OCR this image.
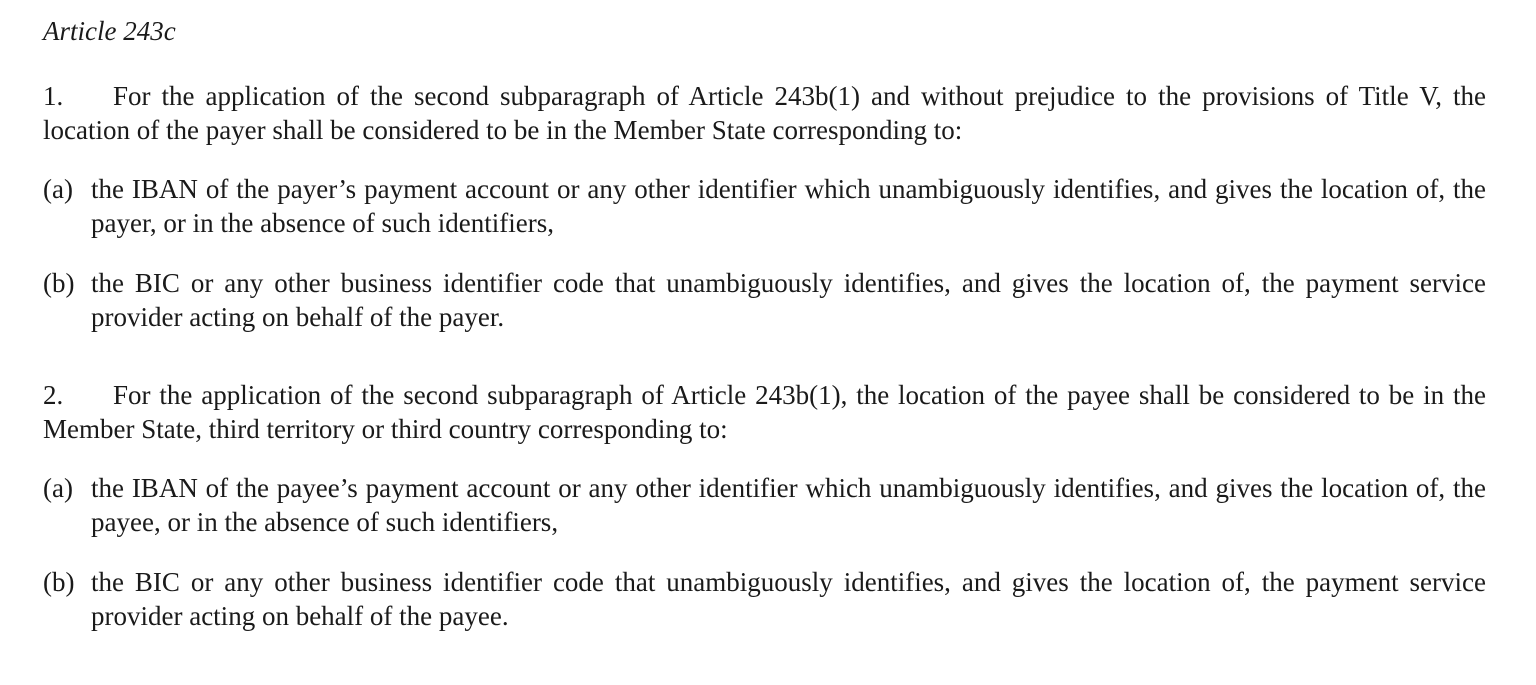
Article 243c

1. For the application of the second subparagraph of Article 243b(1) and without prejudice to the provisions of Title V, the location of the payer shall be considered to be in the Member State corresponding to:

(a) the IBAN of the payer’s payment account or any other identifier which unambiguously identifies, and gives the location of, the payer, or in the absence of such identifiers,
(b) the BIC or any other business identifier code that unambiguously identifies, and gives the location of, the payment service provider acting on behalf of the payer.

2. For the application of the second subparagraph of Article 243b(1), the location of the payee shall be considered to be in the Member State, third territory or third country corresponding to:

(a) the IBAN of the payee’s payment account or any other identifier which unambiguously identifies, and gives the location of, the payee, or in the absence of such identifiers,
(b) the BIC or any other business identifier code that unambiguously identifies, and gives the location of, the payment service provider acting on behalf of the payee.
